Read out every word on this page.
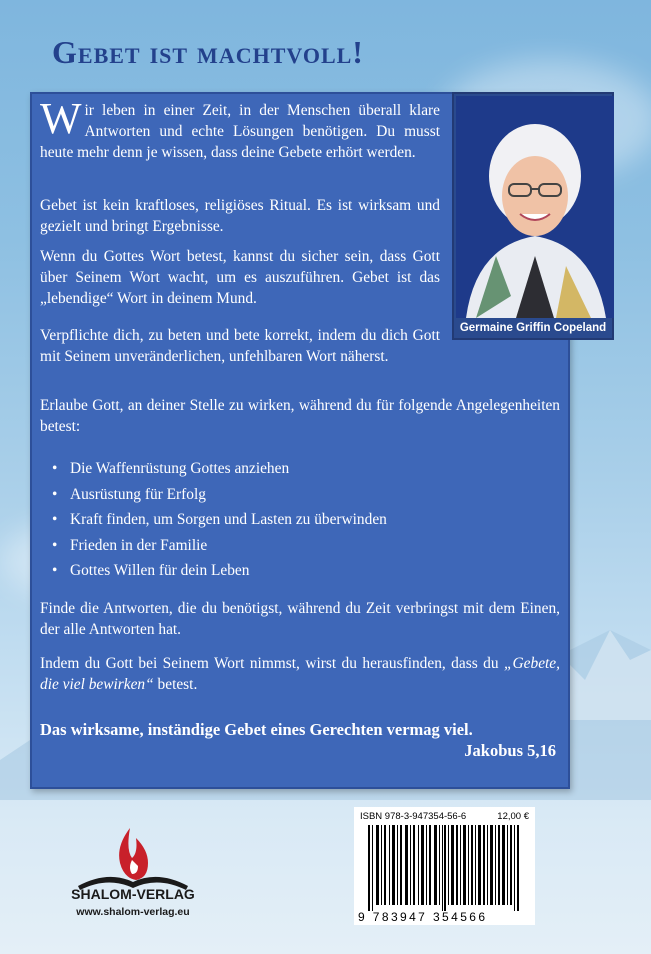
Gebet ist machtvoll!

Wir leben in einer Zeit, in der Menschen überall klare Antworten und echte Lösungen benötigen. Du musst heute mehr denn je wissen, dass deine Gebete erhört werden.

Gebet ist kein kraftloses, religiöses Ritual. Es ist wirksam und gezielt und bringt Ergebnisse.

Wenn du Gottes Wort betest, kannst du sicher sein, dass Gott über Seinem Wort wacht, um es auszuführen. Gebet ist das „lebendige“ Wort in deinem Mund.

Verpflichte dich, zu beten und bete korrekt, indem du dich Gott mit Seinem unveränderlichen, unfehlbaren Wort näherst.

Erlaube Gott, an deiner Stelle zu wirken, während du für folgende Angelegenheiten betest:

Germaine Griffin Copeland
• Die Waffenrüstung Gottes anziehen
• Ausrüstung für Erfolg
• Kraft finden, um Sorgen und Lasten zu überwinden
• Frieden in der Familie
• Gottes Willen für dein Leben

Finde die Antworten, die du benötigst, während du Zeit verbringst mit dem Einen, der alle Antworten hat.

Indem du Gott bei Seinem Wort nimmst, wirst du herausfinden, dass du „Gebete, die viel bewirken“ betest.

Das wirksame, inständige Gebet eines Gerechten vermag viel.
Jakobus 5,16
SHALOM-VERLAG
www.shalom-verlag.eu
ISBN 978-3-947354-56-6	12,00 €
9 783947 354566
